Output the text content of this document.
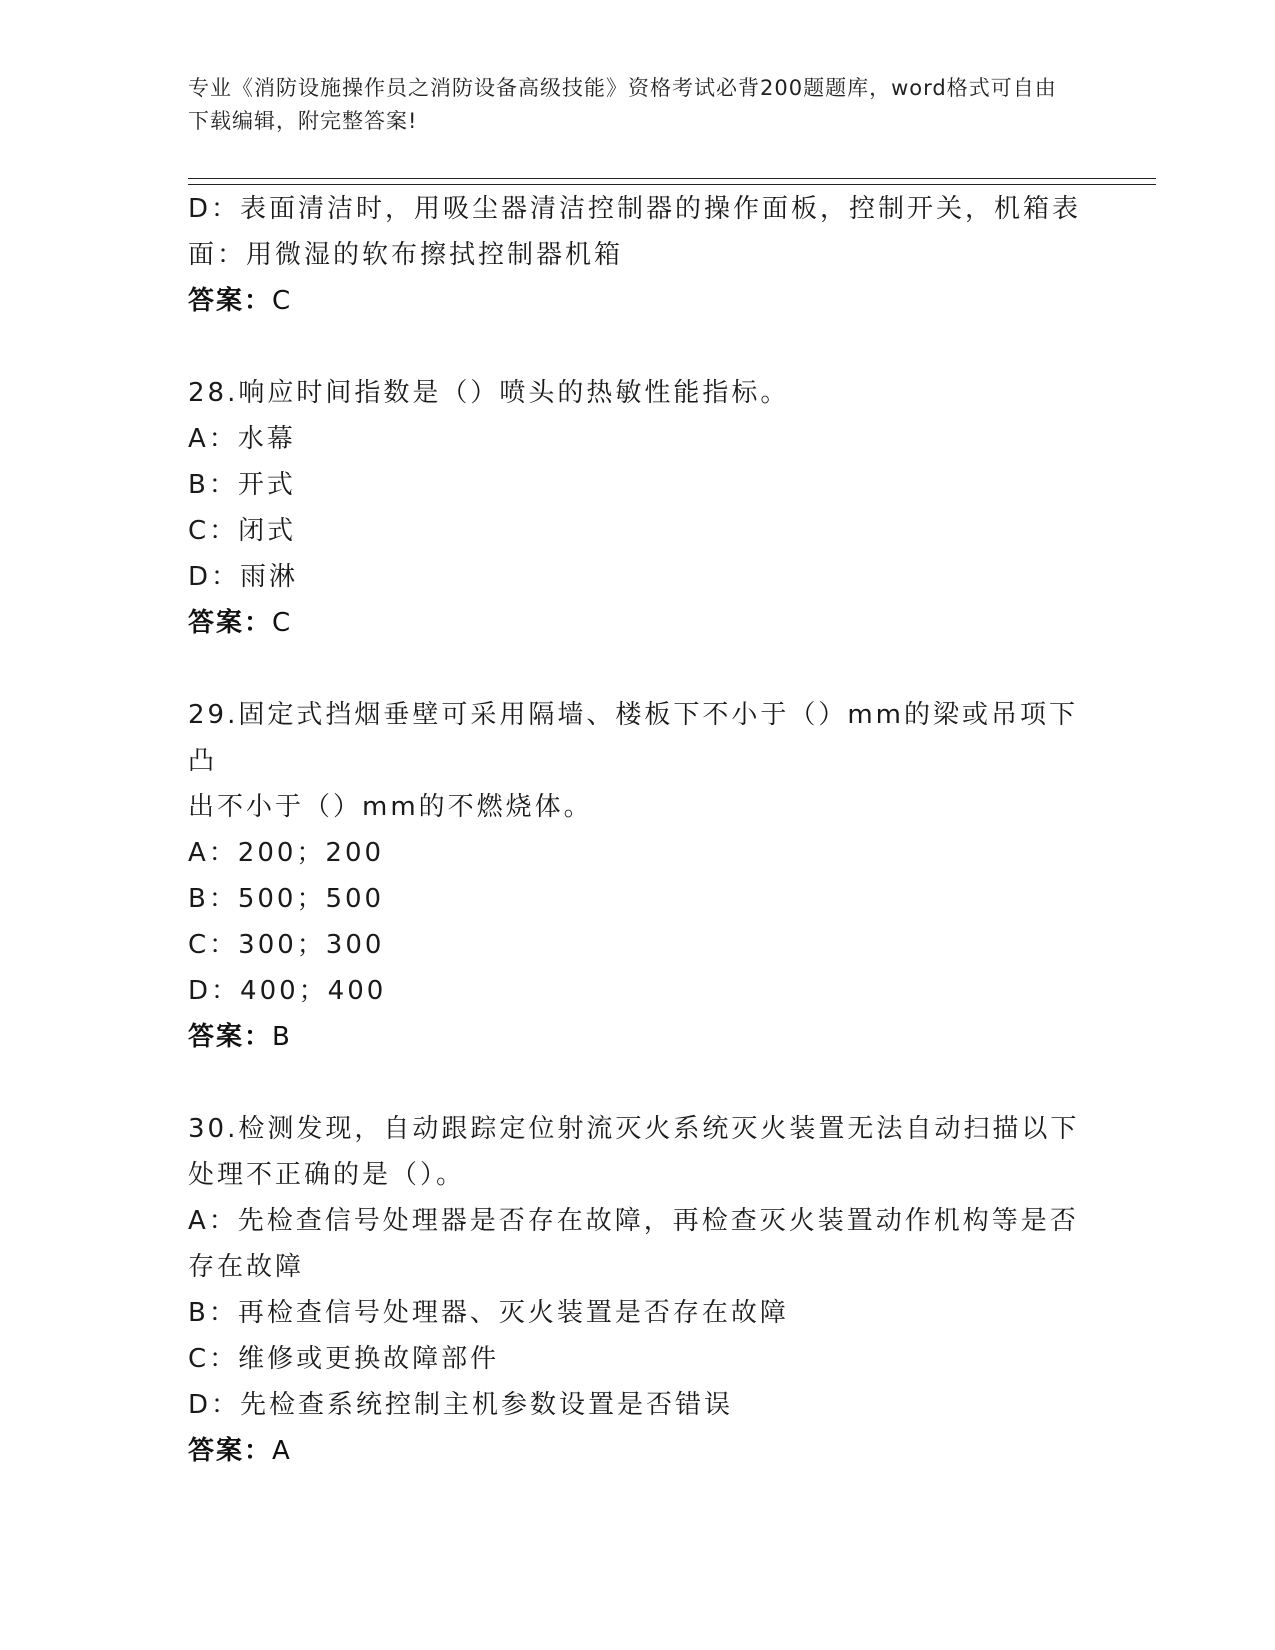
专业《消防设施操作员之消防设备高级技能》资格考试必背200题题库，word格式可自由下载编辑，附完整答案!

D：表面清洁时，用吸尘器清洁控制器的操作面板，控制开关，机箱表

面：用微湿的软布擦拭控制器机箱

答案：C

28.响应时间指数是（）喷头的热敏性能指标。

A：水幕

B：开式

C：闭式

D：雨淋

答案：C

29.固定式挡烟垂壁可采用隔墙、楼板下不小于（）mm的梁或吊项下凸

出不小于（）mm的不燃烧体。

A：200；200

B：500；500

C：300；300

D：400；400

答案：B

30.检测发现，自动跟踪定位射流灭火系统灭火装置无法自动扫描以下

处理不正确的是（）。

A：先检查信号处理器是否存在故障，再检查灭火装置动作机构等是否

存在故障

B：再检查信号处理器、灭火装置是否存在故障

C：维修或更换故障部件

D：先检查系统控制主机参数设置是否错误

答案：A
